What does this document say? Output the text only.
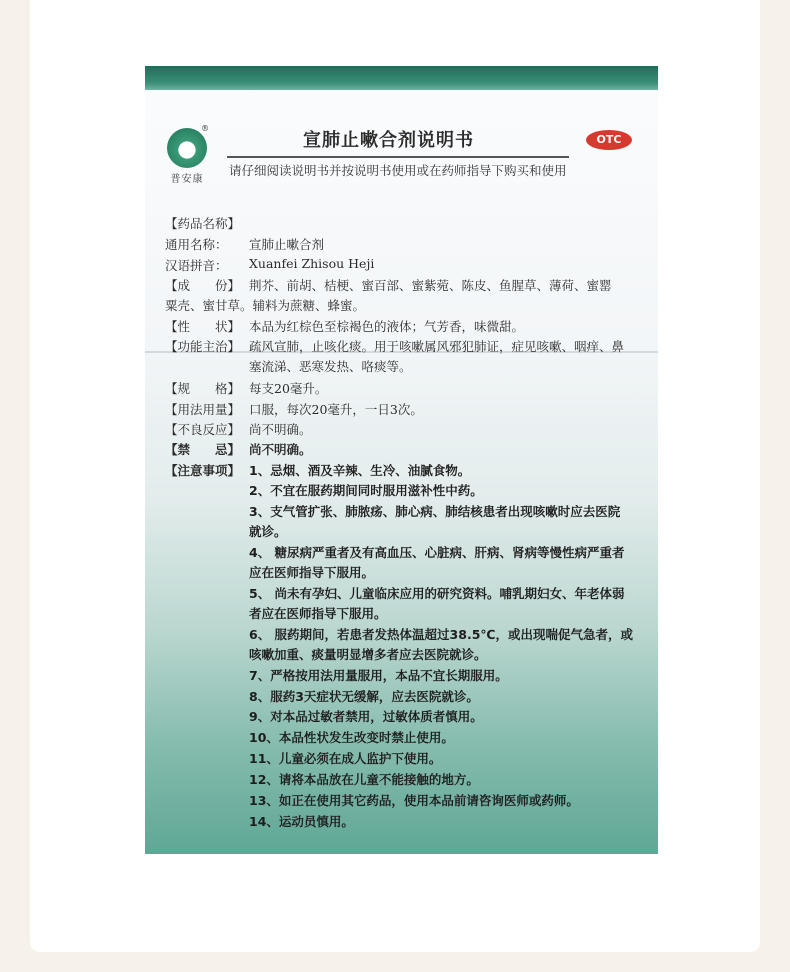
®
普安康
宣肺止嗽合剂说明书	OTC
请仔细阅读说明书并按说明书使用或在药师指导下购买和使用
【药品名称】
通用名称： 宣肺止嗽合剂
汉语拼音： Xuanfei Zhisou Heji
【成　　份】 荆芥、前胡、桔梗、蜜百部、蜜紫菀、陈皮、鱼腥草、薄荷、蜜罂
粟壳、蜜甘草。辅料为蔗糖、蜂蜜。
【性　　状】 本品为红棕色至棕褐色的液体；气芳香，味微甜。
【功能主治】 疏风宣肺，止咳化痰。用于咳嗽属风邪犯肺证，症见咳嗽、咽痒、鼻
塞流涕、恶寒发热、咯痰等。
【规　　格】 每支20毫升。
【用法用量】 口服，每次20毫升，一日3次。
【不良反应】 尚不明确。
【禁　　忌】 尚不明确。
【注意事项】 1、忌烟、酒及辛辣、生冷、油腻食物。
2、不宜在服药期间同时服用滋补性中药。
3、支气管扩张、肺脓疡、肺心病、肺结核患者出现咳嗽时应去医院
就诊。
4、 糖尿病严重者及有高血压、心脏病、肝病、肾病等慢性病严重者
应在医师指导下服用。
5、 尚未有孕妇、儿童临床应用的研究资料。哺乳期妇女、年老体弱
者应在医师指导下服用。
6、 服药期间，若患者发热体温超过38.5℃，或出现喘促气急者，或
咳嗽加重、痰量明显增多者应去医院就诊。
7、严格按用法用量服用，本品不宜长期服用。
8、服药3天症状无缓解，应去医院就诊。
9、对本品过敏者禁用，过敏体质者慎用。
10、本品性状发生改变时禁止使用。
11、儿童必须在成人监护下使用。
12、请将本品放在儿童不能接触的地方。
13、如正在使用其它药品，使用本品前请咨询医师或药师。
14、运动员慎用。
